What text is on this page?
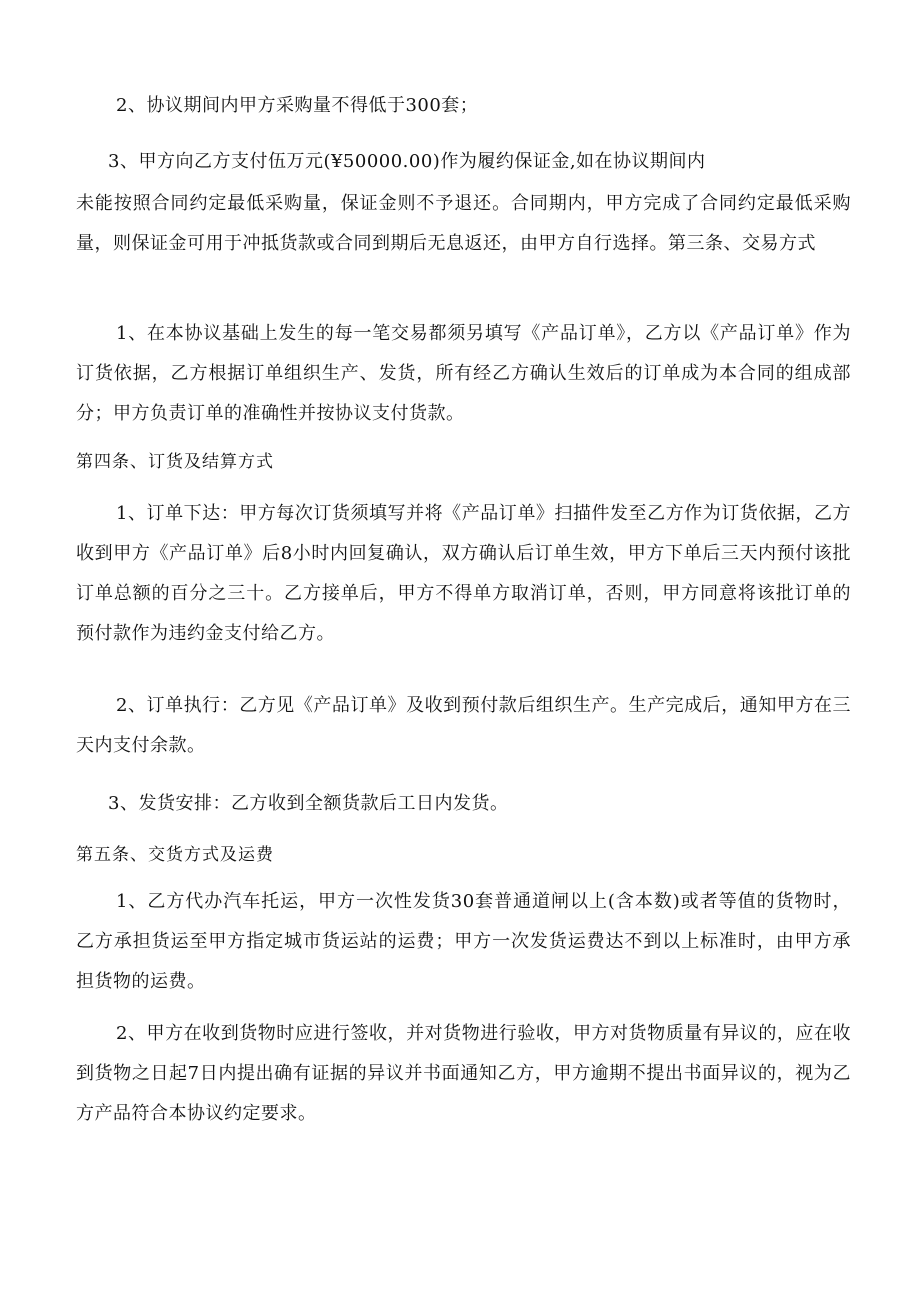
2、协议期间内甲方采购量不得低于300套；

3、甲方向乙方支付伍万元(¥50000.00)作为履约保证金,如在协议期间内

未能按照合同约定最低采购量，保证金则不予退还。合同期内，甲方完成了合同约定最低采购量，则保证金可用于冲抵货款或合同到期后无息返还，由甲方自行选择。第三条、交易方式

1、在本协议基础上发生的每一笔交易都须另填写《产品订单》，乙方以《产品订单》作为订货依据，乙方根据订单组织生产、发货，所有经乙方确认生效后的订单成为本合同的组成部分；甲方负责订单的准确性并按协议支付货款。

第四条、订货及结算方式

1、订单下达：甲方每次订货须填写并将《产品订单》扫描件发至乙方作为订货依据，乙方收到甲方《产品订单》后8小时内回复确认，双方确认后订单生效，甲方下单后三天内预付该批订单总额的百分之三十。乙方接单后，甲方不得单方取消订单，否则，甲方同意将该批订单的预付款作为违约金支付给乙方。

2、订单执行：乙方见《产品订单》及收到预付款后组织生产。生产完成后，通知甲方在三天内支付余款。

3、发货安排：乙方收到全额货款后工日内发货。

第五条、交货方式及运费

1、乙方代办汽车托运，甲方一次性发货30套普通道闸以上(含本数)或者等值的货物时，乙方承担货运至甲方指定城市货运站的运费；甲方一次发货运费达不到以上标准时，由甲方承担货物的运费。

2、甲方在收到货物时应进行签收，并对货物进行验收，甲方对货物质量有异议的，应在收到货物之日起7日内提出确有证据的异议并书面通知乙方，甲方逾期不提出书面异议的，视为乙方产品符合本协议约定要求。
